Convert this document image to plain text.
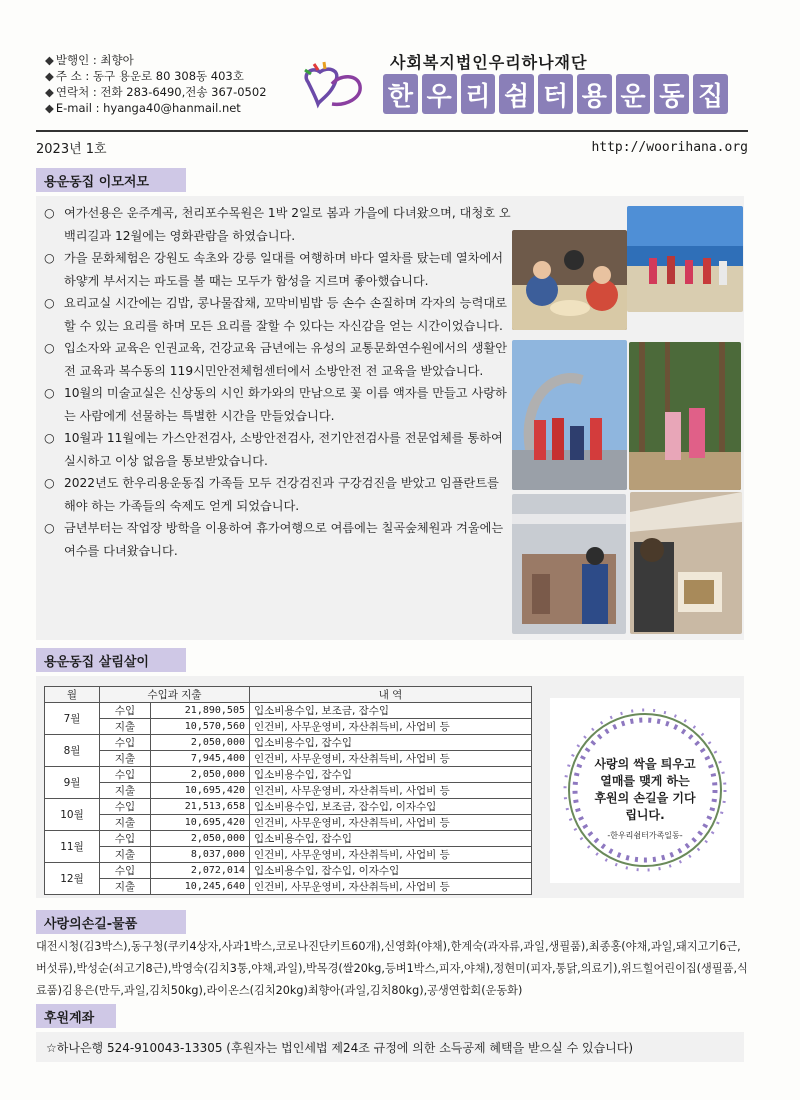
◆ 발행인 : 최향아
◆ 주 소 : 동구 용운로 80 308동 403호
◆ 연락처 : 전화 283-6490,전송 367-0502
◆ E-mail : hyanga40@hanmail.net
사회복지법인우리하나재단
한 우 리 쉼 터 용 운 동 집
2023년 1호	http://woorihana.org
용운동집 이모저모
○ 여가선용은 운주계곡, 천리포수목원은 1박 2일로 봄과 가을에 다녀왔으며, 대청호 오백리길과 12월에는 영화관람을 하였습니다.
○ 가을 문화체험은 강원도 속초와 강릉 일대를 여행하며 바다 열차를 탔는데 열차에서 하얗게 부서지는 파도를 볼 때는 모두가 함성을 지르며 좋아했습니다.
○ 요리교실 시간에는 김밥, 콩나물잡채, 꼬막비빔밥 등 손수 손질하며 각자의 능력대로 할 수 있는 요리를 하며 모든 요리를 잘할 수 있다는 자신감을 얻는 시간이었습니다.
○ 입소자와 교육은 인권교육, 건강교육 금년에는 유성의 교통문화연수원에서의 생활안전 교육과 복수동의 119시민안전체험센터에서 소방안전 전 교육을 받았습니다.
○ 10월의 미술교실은 신상동의 시인 화가와의 만남으로 꽃 이름 액자를 만들고 사랑하는 사람에게 선물하는 특별한 시간을 만들었습니다.
○ 10월과 11월에는 가스안전검사, 소방안전검사, 전기안전검사를 전문업체를 통하여 실시하고 이상 없음을 통보받았습니다.
○ 2022년도 한우리용운동집 가족들 모두 건강검진과 구강검진을 받았고 임플란트를 해야 하는 가족들의 숙제도 얻게 되었습니다.
○ 금년부터는 작업장 방학을 이용하여 휴가여행으로 여름에는 칠곡숲체원과 겨울에는 여수를 다녀왔습니다.
용운동집 살림살이
월	수입과 지출		내 역
7월	수입	21,890,505	입소비용수입, 보조금, 잡수입
	지출	10,570,560	인건비, 사무운영비, 자산취득비, 사업비 등
8월	수입	2,050,000	입소비용수입, 잡수입
	지출	7,945,400	인건비, 사무운영비, 자산취득비, 사업비 등
9월	수입	2,050,000	입소비용수입, 잡수입
	지출	10,695,420	인건비, 사무운영비, 자산취득비, 사업비 등
10월	수입	21,513,658	입소비용수입, 보조금, 잡수입, 이자수입
	지출	10,695,420	인건비, 사무운영비, 자산취득비, 사업비 등
11월	수입	2,050,000	입소비용수입, 잡수입
	지출	8,037,000	인건비, 사무운영비, 자산취득비, 사업비 등
12월	수입	2,072,014	입소비용수입, 잡수입, 이자수입
	지출	10,245,640	인건비, 사무운영비, 자산취득비, 사업비 등
사랑의 싹을 틔우고
열매를 맺게 하는
후원의 손길을 기다
립니다.
-한우리쉼터가족일동-
사랑의손길-물품
대전시청(김3박스),동구청(쿠키4상자,사과1박스,코로나진단키트60개),신영화(야채),한계숙(과자류,과일,생필품),최종홍(야채,과일,돼지고기6근,버섯류),박성순(쇠고기8근),박영숙(김치3통,야채,과일),박목경(쌀20kg,등벼1박스,피자,야채),정현미(피자,통닭,의료기),위드힐어린이집(생필품,식료품)김용은(만두,과일,김치50kg),라이온스(김치20kg)최향아(과일,김치80kg),공생연합회(운동화)
후원계좌
☆하나은행 524-910043-13305 (후원자는 법인세법 제24조 규정에 의한 소득공제 혜택을 받으실 수 있습니다)
